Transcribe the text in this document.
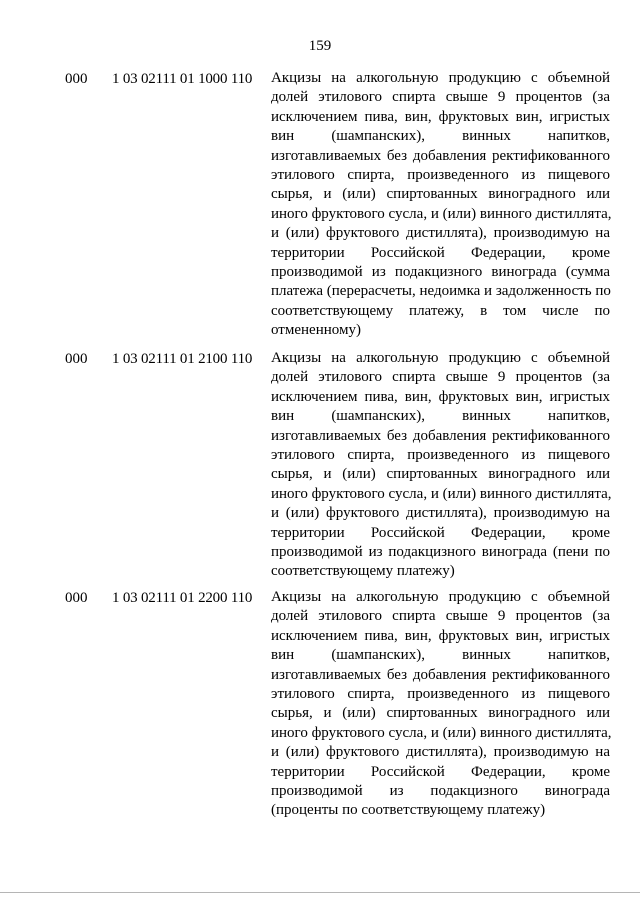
159
000 1 03 02111 01 1000 110 Акцизы на алкогольную продукцию с объемной
долей этилового спирта свыше 9 процентов (за
исключением пива, вин, фруктовых вин, игристых
вин (шампанских), винных напитков,
изготавливаемых без добавления ректификованного
этилового спирта, произведенного из пищевого
сырья, и (или) спиртованных виноградного или
иного фруктового сусла, и (или) винного дистиллята,
и (или) фруктового дистиллята), производимую на
территории Российской Федерации, кроме
производимой из подакцизного винограда (сумма
платежа (перерасчеты, недоимка и задолженность по
соответствующему платежу, в том числе по
отмененному)
000 1 03 02111 01 2100 110 Акцизы на алкогольную продукцию с объемной
долей этилового спирта свыше 9 процентов (за
исключением пива, вин, фруктовых вин, игристых
вин (шампанских), винных напитков,
изготавливаемых без добавления ректификованного
этилового спирта, произведенного из пищевого
сырья, и (или) спиртованных виноградного или
иного фруктового сусла, и (или) винного дистиллята,
и (или) фруктового дистиллята), производимую на
территории Российской Федерации, кроме
производимой из подакцизного винограда (пени по
соответствующему платежу)
000 1 03 02111 01 2200 110 Акцизы на алкогольную продукцию с объемной
долей этилового спирта свыше 9 процентов (за
исключением пива, вин, фруктовых вин, игристых
вин (шампанских), винных напитков,
изготавливаемых без добавления ректификованного
этилового спирта, произведенного из пищевого
сырья, и (или) спиртованных виноградного или
иного фруктового сусла, и (или) винного дистиллята,
и (или) фруктового дистиллята), производимую на
территории Российской Федерации, кроме
производимой из подакцизного винограда
(проценты по соответствующему платежу)
